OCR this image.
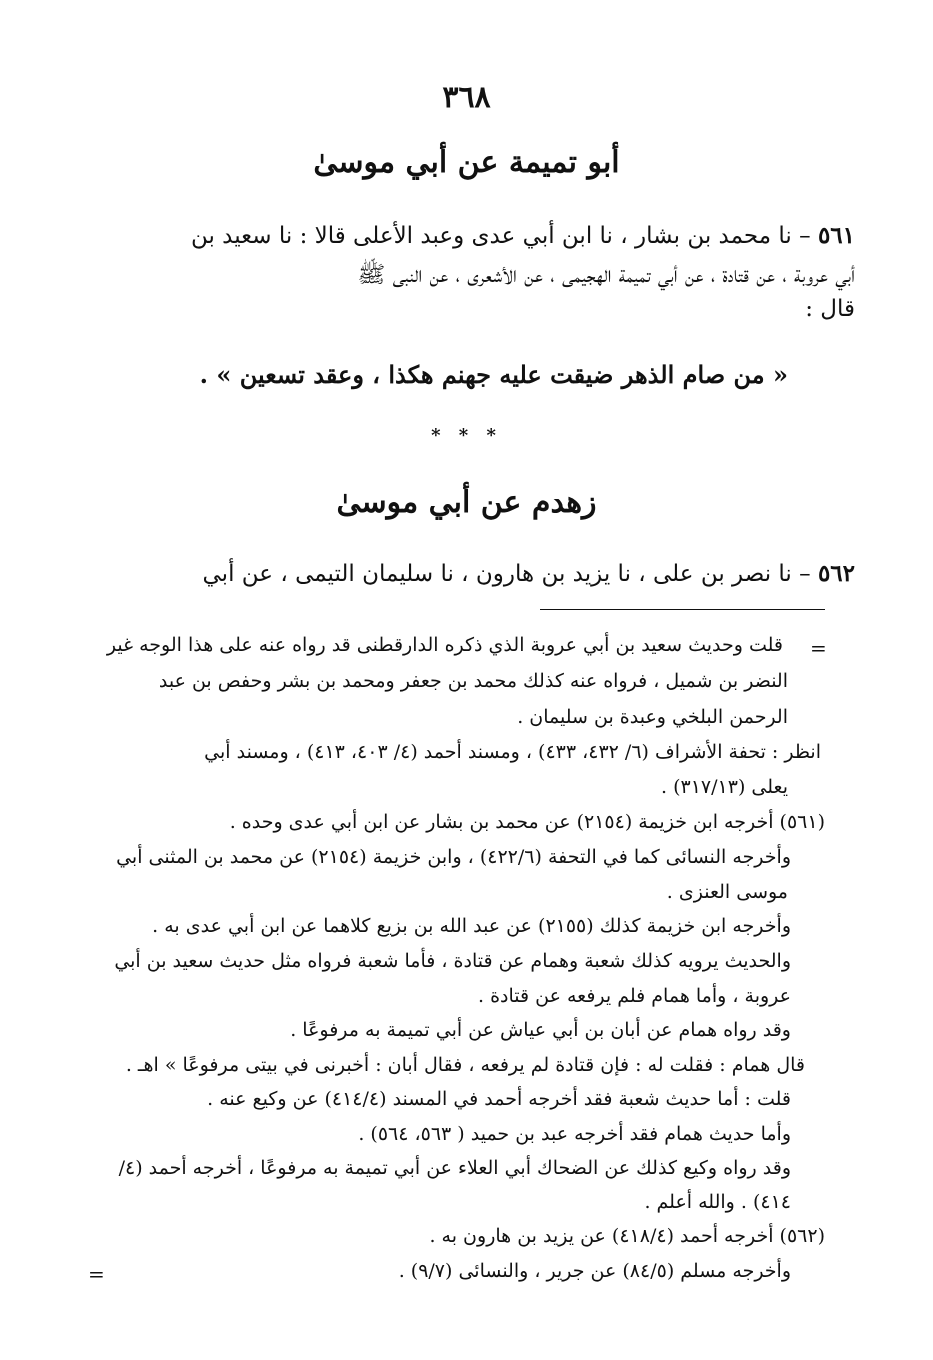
٣٦٨
أبو تميمة عن أبي موسىٰ
٥٦١ – نا محمد بن بشار ، نا ابن أبي عدى وعبد الأعلى قالا : نا سعيد بن
أبي عروبة ، عن قتادة ، عن أبي تميمة الهجيمى ، عن الأشعرى ، عن النبى ﷺ
قال :
« من صام الذهر ضيقت عليه جهنم هكذا ، وعقد تسعين » .
* * *
زهدم عن أبي موسىٰ
٥٦٢ – نا نصر بن على ، نا يزيد بن هارون ، نا سليمان التيمى ، عن أبي
=
قلت وحديث سعيد بن أبي عروبة الذي ذكره الدارقطنى قد رواه عنه على هذا الوجه غير
النضر بن شميل ، فرواه عنه كذلك محمد بن جعفر ومحمد بن بشر وحفص بن عبد
الرحمن البلخي وعبدة بن سليمان .
انظر : تحفة الأشراف (٦/ ٤٣٢، ٤٣٣) ، ومسند أحمد (٤/ ٤٠٣، ٤١٣) ، ومسند أبي
يعلى (٣١٧/١٣) .
(٥٦١) أخرجه ابن خزيمة (٢١٥٤) عن محمد بن بشار عن ابن أبي عدى وحده .
وأخرجه النسائى كما في التحفة (٤٢٢/٦) ، وابن خزيمة (٢١٥٤) عن محمد بن المثنى أبي
موسى العنزى .
وأخرجه ابن خزيمة كذلك (٢١٥٥) عن عبد الله بن بزيع كلاهما عن ابن أبي عدى به .
والحديث يرويه كذلك شعبة وهمام عن قتادة ، فأما شعبة فرواه مثل حديث سعيد بن أبي
عروبة ، وأما همام فلم يرفعه عن قتادة .
وقد رواه همام عن أبان بن أبي عياش عن أبي تميمة به مرفوعًا .
قال همام : فقلت له : فإن قتادة لم يرفعه ، فقال أبان : أخبرنى في بيتى مرفوعًا » اهـ .
قلت : أما حديث شعبة فقد أخرجه أحمد في المسند (٤١٤/٤) عن وكيع عنه .
وأما حديث همام فقد أخرجه عبد بن حميد ( ٥٦٣، ٥٦٤) .
وقد رواه وكيع كذلك عن الضحاك أبي العلاء عن أبي تميمة به مرفوعًا ، أخرجه أحمد (٤/
٤١٤) . والله أعلم .
(٥٦٢) أخرجه أحمد (٤١٨/٤) عن يزيد بن هارون به .
وأخرجه مسلم (٨٤/٥) عن جرير ، والنسائى (٩/٧) .
=
